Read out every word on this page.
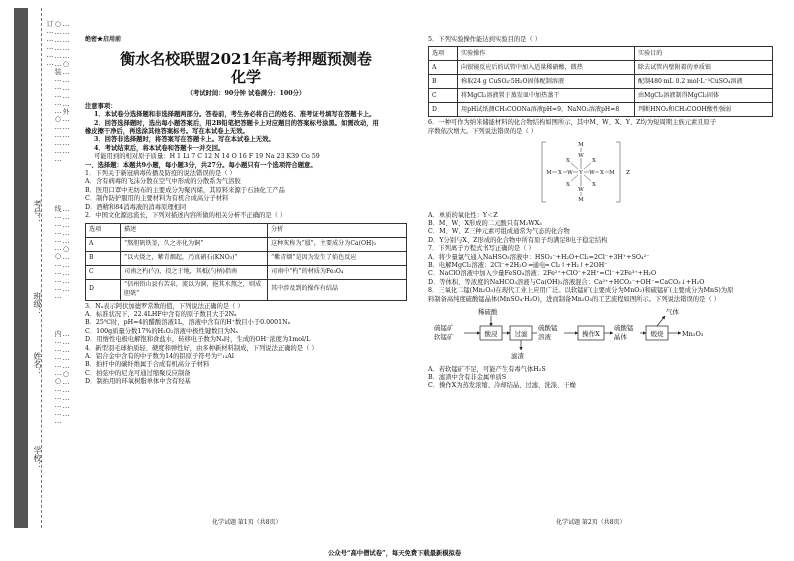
考号：
班级：
姓名：
学校：
……………○……………外……………○……………装……………○……………订……………
……………○……………线……………○……………
……………○……………内……………○……………
绝密★启用前
衡水名校联盟2021年高考押题预测卷
化学
（考试时间：90分钟 试卷满分：100分）
注意事项：
1．本试卷分选择题和非选择题两部分。答卷前，考生务必将自己的姓名、准考证号填写在答题卡上。
2．回答选择题时，选出每小题答案后，用2B铅笔把答题卡上对应题目的答案标号涂黑。如需改动，用
橡皮擦干净后，再选涂其他答案标号。写在本试卷上无效。
3．回答非选择题时，将答案写在答题卡上。写在本试卷上无效。
4．考试结束后，将本试卷和答题卡一并交回。
可能用到的相对原子质量：H 1 Li 7 C 12 N 14 O 16 F 19 Na 23 K39 Co 59
一、选择题：本题共9小题，每小题3分，共27分。每小题只有一个选项符合题意。
1．下列关于新冠病毒传播及防疫的说法错误的是（ ）
A．含有病毒的飞沫分散在空气中形成的分散系为气溶胶
B．医用口罩中无纺布的主要成分为聚丙烯，其原料来源于石油化工产品
C．制作防护服用的主要材料为有机合成高分子材料
D．酒精和84消毒液的消毒原理相同
2．中国文化源远流长，下列对描述内容所做的相关分析不正确的是（ ）
选项	描述	分析
A	“熬胆矾铁釜，久之亦化为铜”	这种灰称为“蜃”，主要成分为Ca(OH)₂
B	“以火烧之，紫青烟起，乃真硝石(KNO₃)”	“紫青烟”是因为发生了焰色反应
C	司南之杓(勺)，投之于地，其柢(勺柄)指南	司南中“杓”的材质为Fe₃O₄
D	“信州铅山县有苦泉，流以为涧，挹其水熬之，则成胆矾”	其中涉及到的操作有结晶
3．Nₐ表示阿伏加德罗常数的值，下列说法正确的是（ ）
A．标准状况下，22.4LHF中含有的原子数目大于2Nₐ
B．25℃时，pH=4的醋酸溶液1L，溶液中含有的H⁺数目小于0.0001Nₐ
C．100g质量分数17%的H₂O₂溶液中极性键数目为Nₐ
D．用惰性电极电解饱和食盐水，转移电子数为Nₐ时，生成的OH⁻浓度为1mol/L
4．新型羽毛球拍质轻、硬度和弹性好，由多种新材料制成，下列说法正确的是（ ）
A．铝合金中含有的中子数为14的铝原子符号为²⁷₁₃Al
B．拍杆中的碳纤维属于合成有机高分子材料
C．拍弦中的尼龙可通过缩聚反应制备
D．制拍用的环氧树脂单体中含有羟基
5．下列实验操作能达到实验目的是（ ）
选项	实验操作	实验目的
A	向银镜反应后的试管中加入适量稀硝酸，微热	除去试管内壁附着的单质银
B	称取24 g CuSO₄·5H₂O固体配制溶液	配制480 mL 0.2 mol·L⁻¹CuSO₄溶液
C	将MgCl₂溶液置于蒸发皿中加热蒸干	由MgCl₂溶液制得MgCl₂固体
D	用pH试纸测CH₃COONa溶液pH=9，NaNO₂溶液pH=8	判断HNO₂和CH₃COOH酸性强弱
6．一种可作为纳米储能材料的化合物结构如图所示，其中M、W、X、Y、Z均为短周期主族元素且原子
序数依次增大。下列说法错误的是（ ）
M
W
X	X
M X W Y W X M
X	X
W
M
Z
A．单质的氧化性：Y＜Z
B．M、W、X形成的二元酸只有M₂WX₃
C．M、W、Z三种元素可组成通常为气态的化合物
D．Y分别与X、Z形成的化合物中所有原子均满足8电子稳定结构
7．下列离子方程式书写正确的是（ ）
A．将少量氯气通入NaHSO₃溶液中：HSO₃⁻+H₂O+Cl₂=2Cl⁻+3H⁺+SO₄²⁻
B．电解MgCl₂溶液：2Cl⁻+2H₂O ═通电═ Cl₂↑+H₂↑+2OH⁻
C．NaClO溶液中加入少量FeSO₄溶液：2Fe²⁺+ClO⁻+2H⁺=Cl⁻+2Fe³⁺+H₂O
D．等体积、等浓度的NaHCO₃溶液与Ca(OH)₂溶液混合：Ca²⁺+HCO₃⁻+OH⁻=CaCO₃↓+H₂O
8．三氧化二锰(Mn₂O₃)在现代工业上应用广泛。以软锰矿(主要成分为MnO₂)和硫锰矿(主要成分为MnS)为原
料制备高纯度硫酸锰晶体(MnSO₄·H₂O)，进而制备Mn₂O₃的工艺流程如图所示。下列说法错误的是（ ）
硫锰矿
软锰矿
稀硫酸
滤渣
硫酸锰
溶液
硫酸锰
晶体
气体
Mn₂O₃
酸浸	过滤	操作X	煅烧
A．若软锰矿不足，可能产生有毒气体H₂S
B．滤渣中含有非金属单质S
C．操作X为蒸发浓缩、冷却结晶、过滤、洗涤、干燥
化学试题 第1页（共8页）	化学试题 第2页（共8页）
公众号“高中僧试卷”，每天免费下载最新模拟卷
